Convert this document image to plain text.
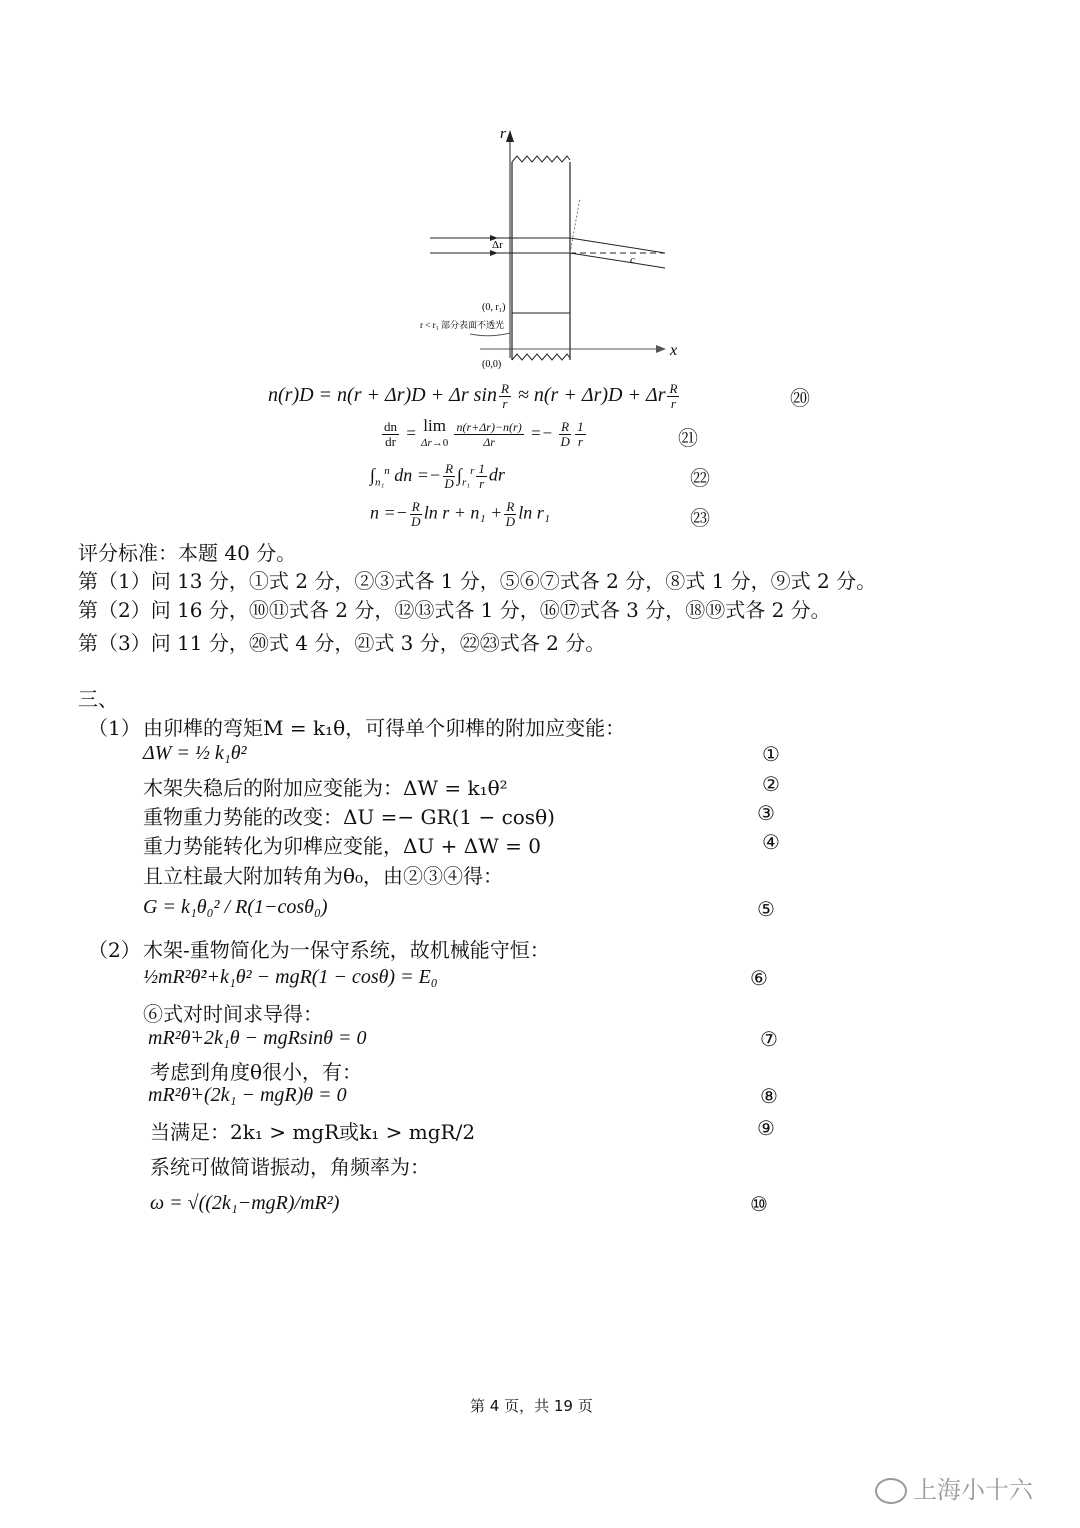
r
x
Δr
c
(0, r₁)
(0,0)
r < r₁ 部分表面不透光
n(r)D = n(r + Δr)D + Δr $\sin \frac{R}{r} \approx n(r + \Delta r)D + \Delta r \frac{R}{r}$	⑳
$\frac{dn}{dr} = \lim$
$\Delta r\to 0 \frac{n(r+\Delta r)-n(r)}{\Delta r} =- \frac{R}{D} \frac{1}{r}$	㉑
$\int_{n_1}^n$ dn =− $\frac{R}{D} \int_{r_1}^r \frac{1}{r}$ dr	㉒
$n =- \frac{R}{D}$ $\ln r + n_1 + \frac{R}{D}$ ln r₁	㉓
评分标准：本题 40 分。
第（1）问 13 分，①式 2 分，②③式各 1 分，⑤⑥⑦式各 2 分，⑧式 1 分，⑨式 2 分。
第（2）问 16 分，⑩⑪式各 2 分，⑫⑬式各 1 分，⑯⑰式各 3 分，⑱⑲式各 2 分。
第（3）问 11 分，⑳式 4 分，㉑式 3 分，㉒㉓式各 2 分。
三、
（1） 由卯榫的弯矩M = k₁θ，可得单个卯榫的附加应变能：
ΔW = ½ k₁θ²	①
木架失稳后的附加应变能为：ΔW = k₁θ²	②
重物重力势能的改变：ΔU =− GR(1 − cosθ)	③
重力势能转化为卯榫应变能，ΔU + ΔW = 0	④
且立柱最大附加转角为θ₀，由②③④得：
G = k₁θ₀² / R(1−cosθ₀)	⑤
（2） 木架-重物简化为一保守系统，故机械能守恒：
½mR²θ̇²+k₁θ² − mgR(1 − cosθ) = E₀	⑥
⑥式对时间求导得：
mR²θ̈+2k₁θ − mgRsinθ = 0	⑦
考虑到角度θ很小，有：
mR²θ̈+(2k₁ − mgR)θ = 0	⑧
当满足：2k₁ > mgR或k₁ > mgR/2	⑨
系统可做简谐振动，角频率为：
ω = √((2k₁−mgR)/mR²)	⑩
第 4 页，共 19 页
上海小十六
